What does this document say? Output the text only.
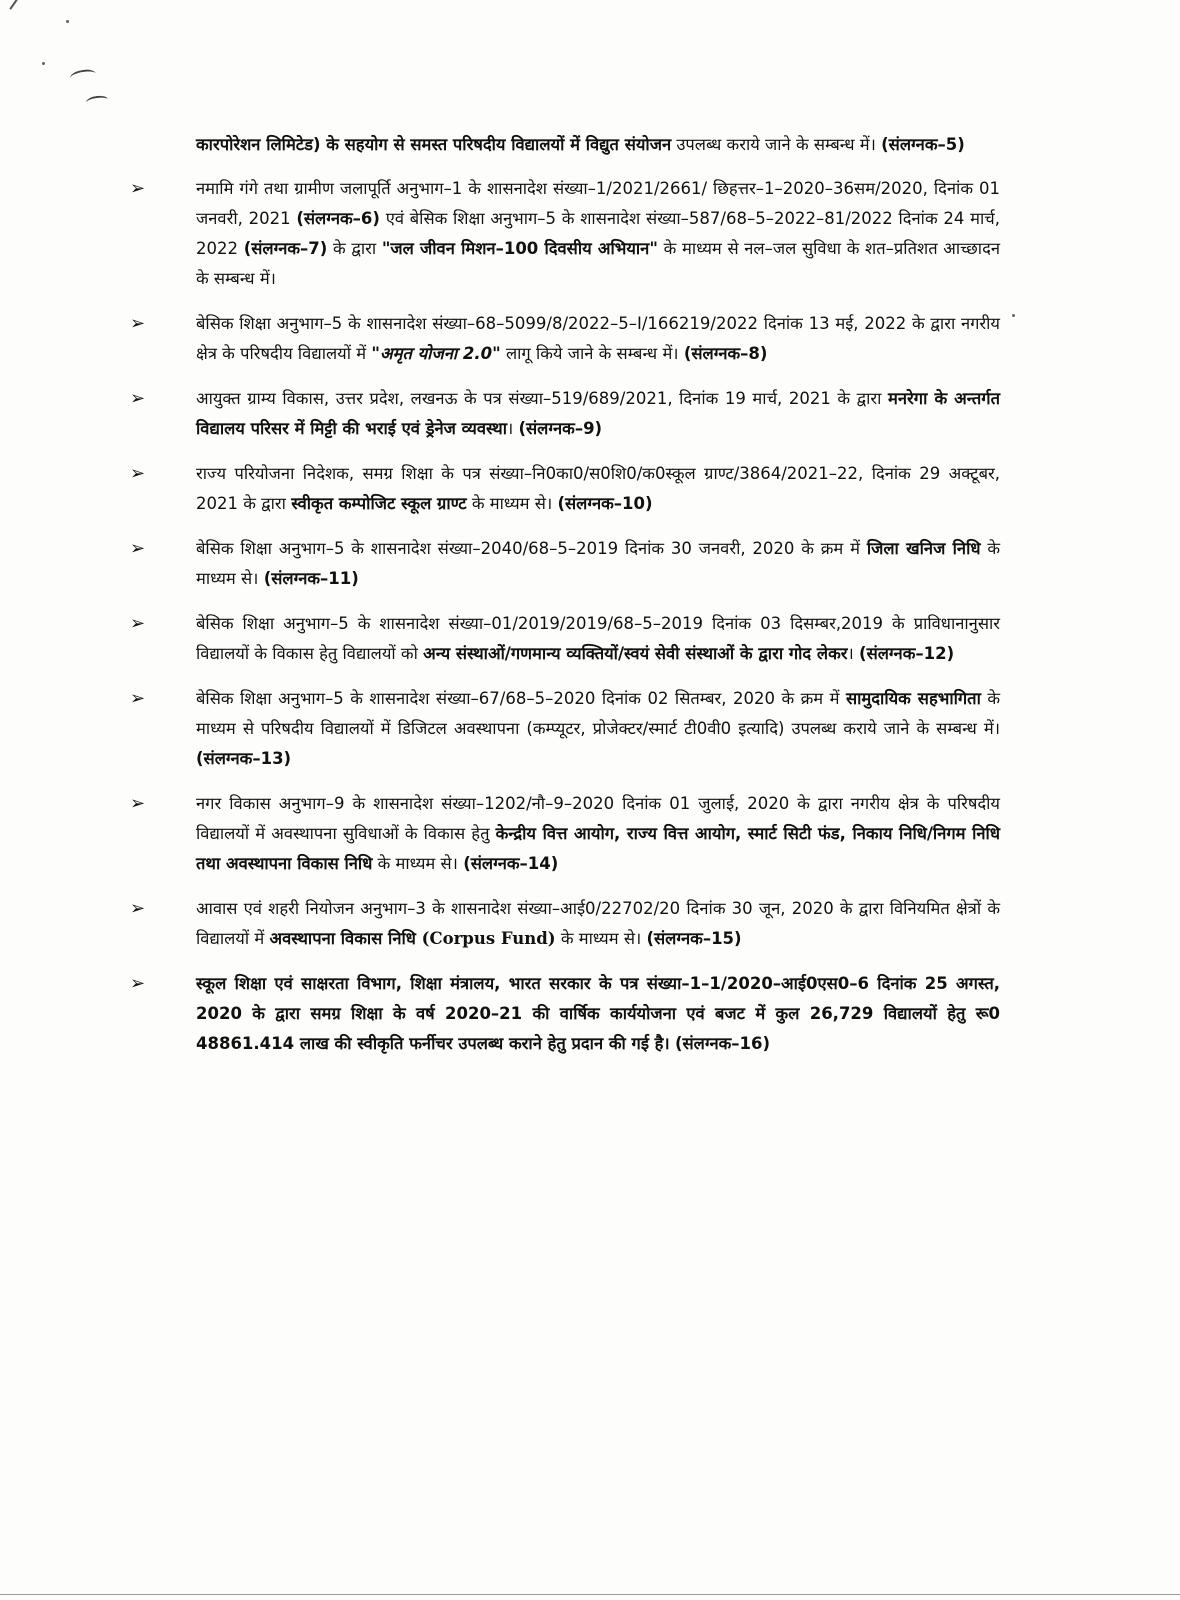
कारपोरेशन लिमिटेड) के सहयोग से समस्त परिषदीय विद्यालयों में विद्युत संयोजन उपलब्ध कराये जाने के सम्बन्ध में। (संलग्नक–5)
➢	नमामि गंगे तथा ग्रामीण जलापूर्ति अनुभाग–1 के शासनादेश संख्या–1/2021/2661/ छिहत्तर–1–2020–36सम/2020, दिनांक 01 जनवरी, 2021 (संलग्नक–6) एवं बेसिक शिक्षा अनुभाग–5 के शासनादेश संख्या–587/68–5–2022–81/2022 दिनांक 24 मार्च, 2022 (संलग्नक–7) के द्वारा "जल जीवन मिशन–100 दिवसीय अभियान" के माध्यम से नल–जल सुविधा के शत–प्रतिशत आच्छादन के सम्बन्ध में।
➢	बेसिक शिक्षा अनुभाग–5 के शासनादेश संख्या–68–5099/8/2022–5–I/166219/2022 दिनांक 13 मई, 2022 के द्वारा नगरीय क्षेत्र के परिषदीय विद्यालयों में "अमृत योजना 2.0" लागू किये जाने के सम्बन्ध में। (संलग्नक–8)
➢	आयुक्त ग्राम्य विकास, उत्तर प्रदेश, लखनऊ के पत्र संख्या–519/689/2021, दिनांक 19 मार्च, 2021 के द्वारा मनरेगा के अन्तर्गत विद्यालय परिसर में मिट्टी की भराई एवं ड्रेनेज व्यवस्था। (संलग्नक–9)
➢	राज्य परियोजना निदेशक, समग्र शिक्षा के पत्र संख्या–नि0का0/स0शि0/क0स्कूल ग्राण्ट/3864/2021–22, दिनांक 29 अक्टूबर, 2021 के द्वारा स्वीकृत कम्पोजिट स्कूल ग्राण्ट के माध्यम से। (संलग्नक–10)
➢	बेसिक शिक्षा अनुभाग–5 के शासनादेश संख्या–2040/68–5–2019 दिनांक 30 जनवरी, 2020 के क्रम में जिला खनिज निधि के माध्यम से। (संलग्नक–11)
➢	बेसिक शिक्षा अनुभाग–5 के शासनादेश संख्या–01/2019/2019/68–5–2019 दिनांक 03 दिसम्बर,2019 के प्राविधानानुसार विद्यालयों के विकास हेतु विद्यालयों को अन्य संस्थाओं/गणमान्य व्यक्तियों/स्वयं सेवी संस्थाओं के द्वारा गोद लेकर। (संलग्नक–12)
➢	बेसिक शिक्षा अनुभाग–5 के शासनादेश संख्या–67/68–5–2020 दिनांक 02 सितम्बर, 2020 के क्रम में सामुदायिक सहभागिता के माध्यम से परिषदीय विद्यालयों में डिजिटल अवस्थापना (कम्प्यूटर, प्रोजेक्टर/स्मार्ट टी0वी0 इत्यादि) उपलब्ध कराये जाने के सम्बन्ध में। (संलग्नक–13)
➢	नगर विकास अनुभाग–9 के शासनादेश संख्या–1202/नौ–9–2020 दिनांक 01 जुलाई, 2020 के द्वारा नगरीय क्षेत्र के परिषदीय विद्यालयों में अवस्थापना सुविधाओं के विकास हेतु केन्द्रीय वित्त आयोग, राज्य वित्त आयोग, स्मार्ट सिटी फंड, निकाय निधि/निगम निधि तथा अवस्थापना विकास निधि के माध्यम से। (संलग्नक–14)
➢	आवास एवं शहरी नियोजन अनुभाग–3 के शासनादेश संख्या–आई0/22702/20 दिनांक 30 जून, 2020 के द्वारा विनियमित क्षेत्रों के विद्यालयों में अवस्थापना विकास निधि (Corpus Fund) के माध्यम से। (संलग्नक–15)
➢	स्कूल शिक्षा एवं साक्षरता विभाग, शिक्षा मंत्रालय, भारत सरकार के पत्र संख्या–1–1/2020–आई0एस0–6 दिनांक 25 अगस्त, 2020 के द्वारा समग्र शिक्षा के वर्ष 2020–21 की वार्षिक कार्ययोजना एवं बजट में कुल 26,729 विद्यालयों हेतु रू0 48861.414 लाख की स्वीकृति फर्नीचर उपलब्ध कराने हेतु प्रदान की गई है। (संलग्नक–16)
